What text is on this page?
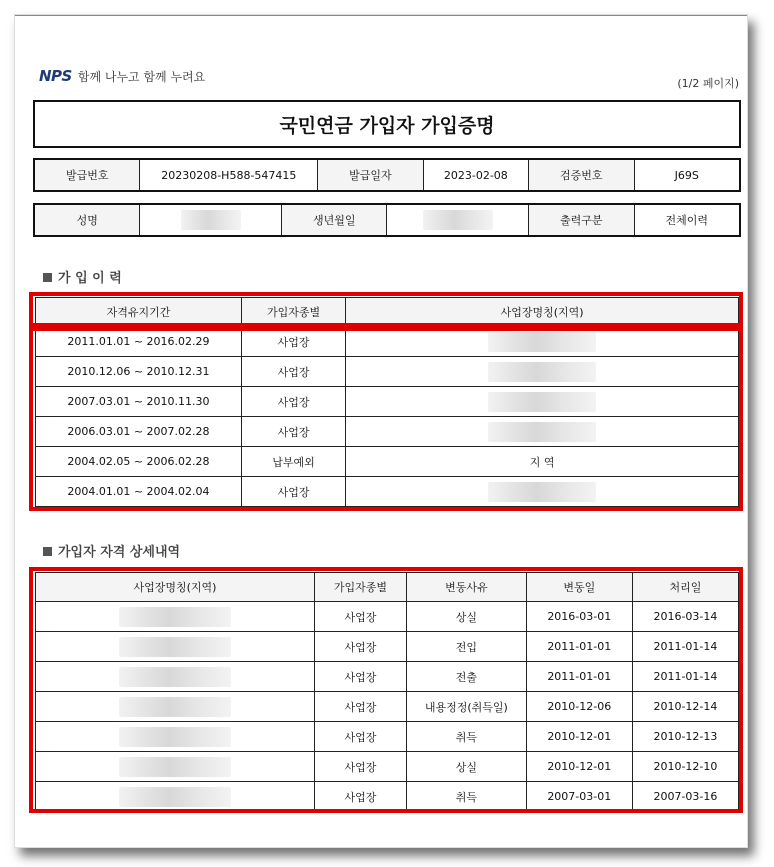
NPS 함께 나누고 함께 누려요	(1/2 페이지)
국민연금 가입자 가입증명
발급번호	20230208-H588-547415	발급일자	2023-02-08	검증번호	J69S
성명		생년월일		출력구분	전체이력
가 입 이 력
자격유지기간	가입자종별	사업장명칭(지역)
2011.01.01 ~ 2016.02.29	사업장	
2010.12.06 ~ 2010.12.31	사업장	
2007.03.01 ~ 2010.11.30	사업장	
2006.03.01 ~ 2007.02.28	사업장	
2004.02.05 ~ 2006.02.28	납부예외	지 역
2004.01.01 ~ 2004.02.04	사업장	
가입자 자격 상세내역
사업장명칭(지역)	가입자종별	변동사유	변동일	처리일
	사업장	상실	2016-03-01	2016-03-14
	사업장	전입	2011-01-01	2011-01-14
	사업장	전출	2011-01-01	2011-01-14
	사업장	내용정정(취득일)	2010-12-06	2010-12-14
	사업장	취득	2010-12-01	2010-12-13
	사업장	상실	2010-12-01	2010-12-10
	사업장	취득	2007-03-01	2007-03-16
